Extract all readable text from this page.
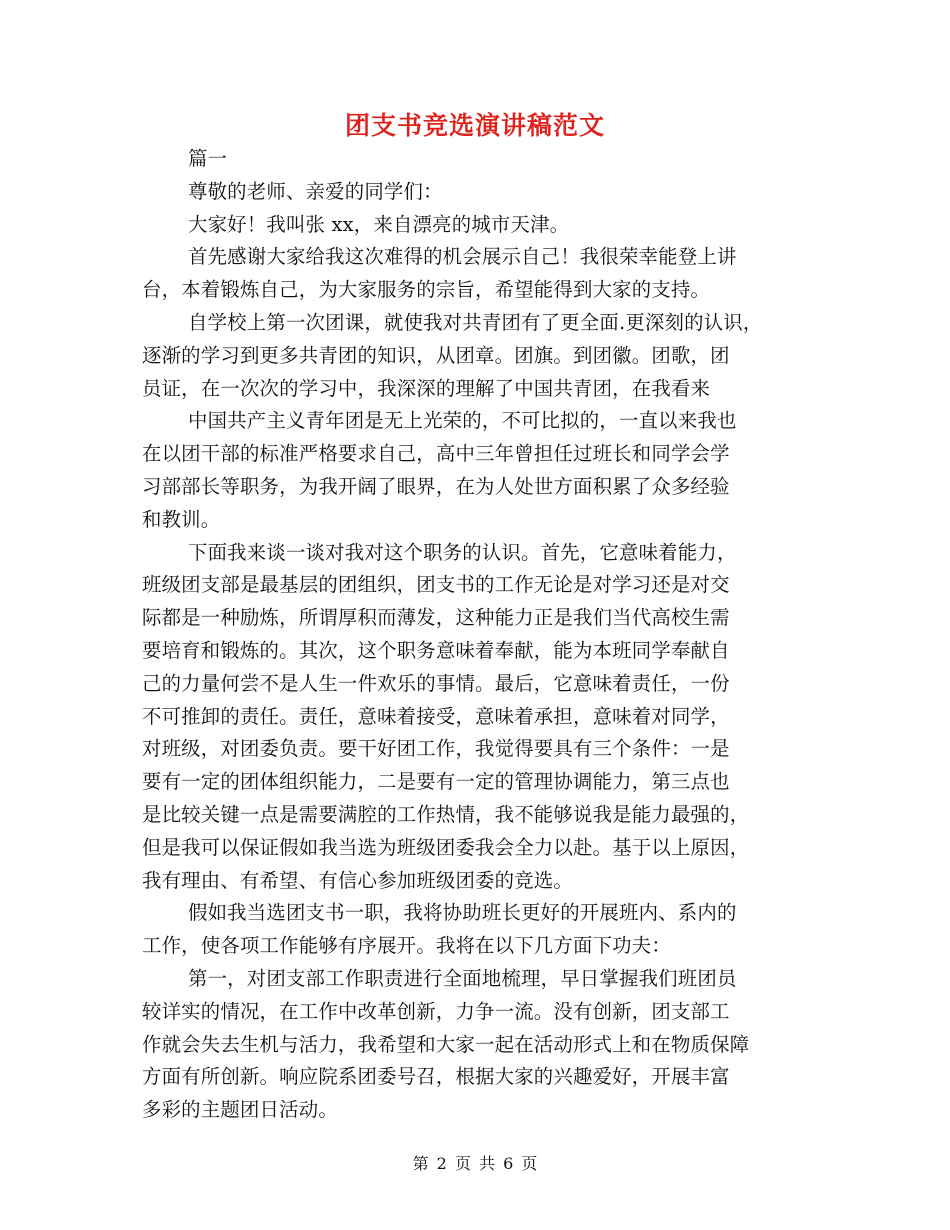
团支书竞选演讲稿范文
篇一
尊敬的老师、亲爱的同学们：
大家好！我叫张 xx，来自漂亮的城市天津。
首先感谢大家给我这次难得的机会展示自己！我很荣幸能登上讲
台，本着锻炼自己，为大家服务的宗旨，希望能得到大家的支持。
自学校上第一次团课，就使我对共青团有了更全面.更深刻的认识，
逐渐的学习到更多共青团的知识，从团章。团旗。到团徽。团歌，团
员证，在一次次的学习中，我深深的理解了中国共青团，在我看来
中国共产主义青年团是无上光荣的，不可比拟的，一直以来我也
在以团干部的标准严格要求自己，高中三年曾担任过班长和同学会学
习部部长等职务，为我开阔了眼界，在为人处世方面积累了众多经验
和教训。
下面我来谈一谈对我对这个职务的认识。首先，它意味着能力，
班级团支部是最基层的团组织，团支书的工作无论是对学习还是对交
际都是一种励炼，所谓厚积而薄发，这种能力正是我们当代高校生需
要培育和锻炼的。其次，这个职务意味着奉献，能为本班同学奉献自
己的力量何尝不是人生一件欢乐的事情。最后，它意味着责任，一份
不可推卸的责任。责任，意味着接受，意味着承担，意味着对同学，
对班级，对团委负责。要干好团工作，我觉得要具有三个条件：一是
要有一定的团体组织能力，二是要有一定的管理协调能力，第三点也
是比较关键一点是需要满腔的工作热情，我不能够说我是能力最强的，
但是我可以保证假如我当选为班级团委我会全力以赴。基于以上原因，
我有理由、有希望、有信心参加班级团委的竞选。
假如我当选团支书一职，我将协助班长更好的开展班内、系内的
工作，使各项工作能够有序展开。我将在以下几方面下功夫：
第一，对团支部工作职责进行全面地梳理，早日掌握我们班团员
较详实的情况，在工作中改革创新，力争一流。没有创新，团支部工
作就会失去生机与活力，我希望和大家一起在活动形式上和在物质保障
方面有所创新。响应院系团委号召，根据大家的兴趣爱好，开展丰富
多彩的主题团日活动。
第 2 页 共 6 页
